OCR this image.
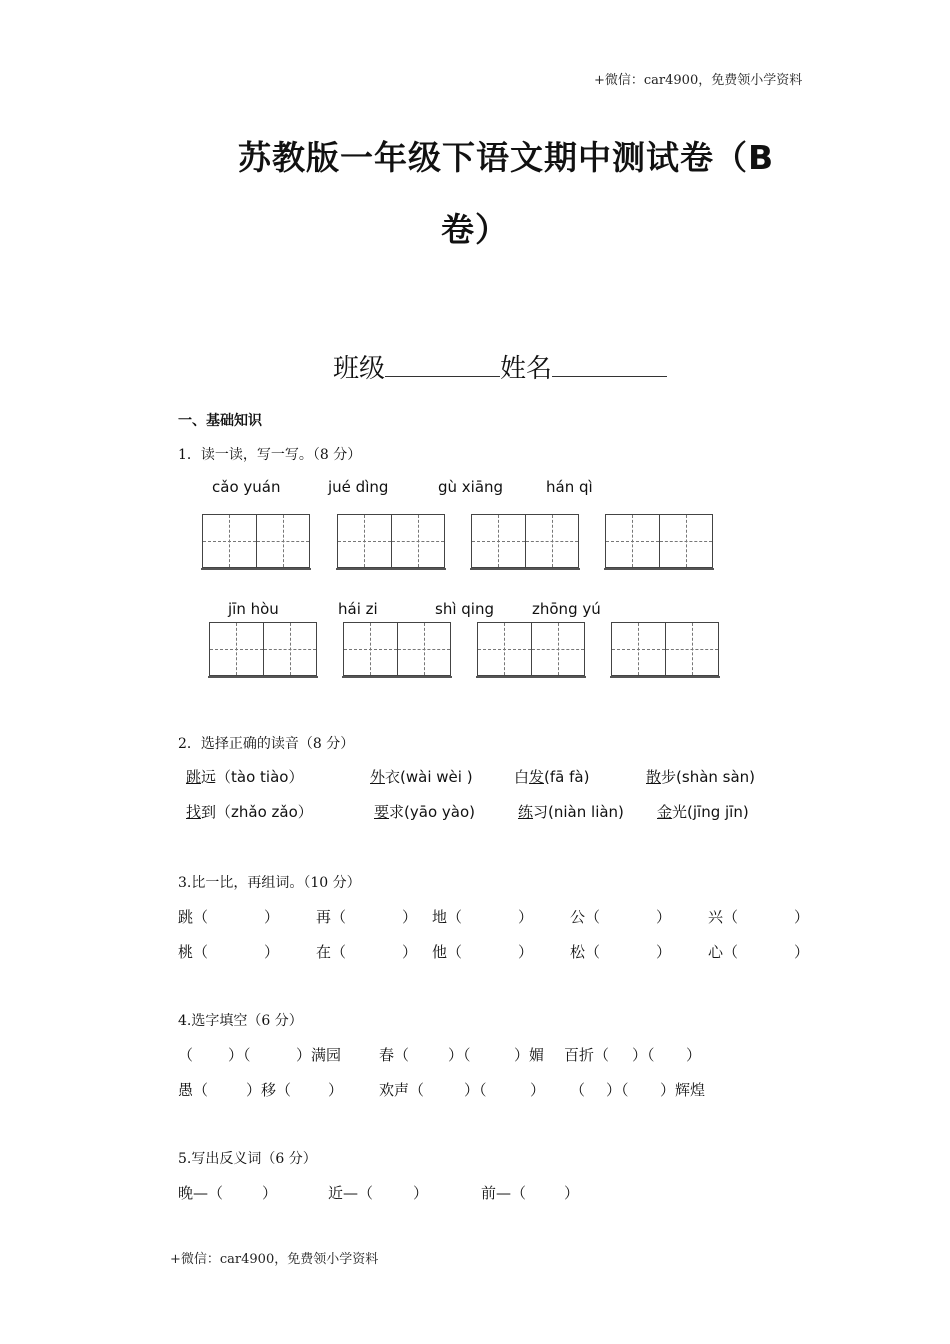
+微信：car4900，免费领小学资料
苏教版一年级下语文期中测试卷（B
卷）
班级	姓名
一、基础知识
1．读一读，写一写。（8 分）
cǎo yuán	jué dìng	gù xiāng	hán qì
jīn hòu	hái zi	shì qing	zhōng yú
2．选择正确的读音（8 分）
跳远（tào tiào）	外衣(wài wèi )	白发(fā fà)	散步(shàn sàn)
找到（zhǎo zǎo）	要求(yāo yào)	练习(niàn liàn) 金光(jīng jīn)
3.比一比，再组词。（10 分）
跳（	） 再（	） 地（	） 公（	） 兴（	）
桃（	） 在（	） 他（	） 松（	） 心（	）
4.选字填空（6 分）
（ ）（	）满园	春（	）（	）媚 百折（ ）（ ）
愚（	）移（ ） 欢声（	）（	） （ ）（ ）辉煌
5.写出反义词（6 分）
晚—（	）	近—（	）	前—（	）
+微信：car4900，免费领小学资料
